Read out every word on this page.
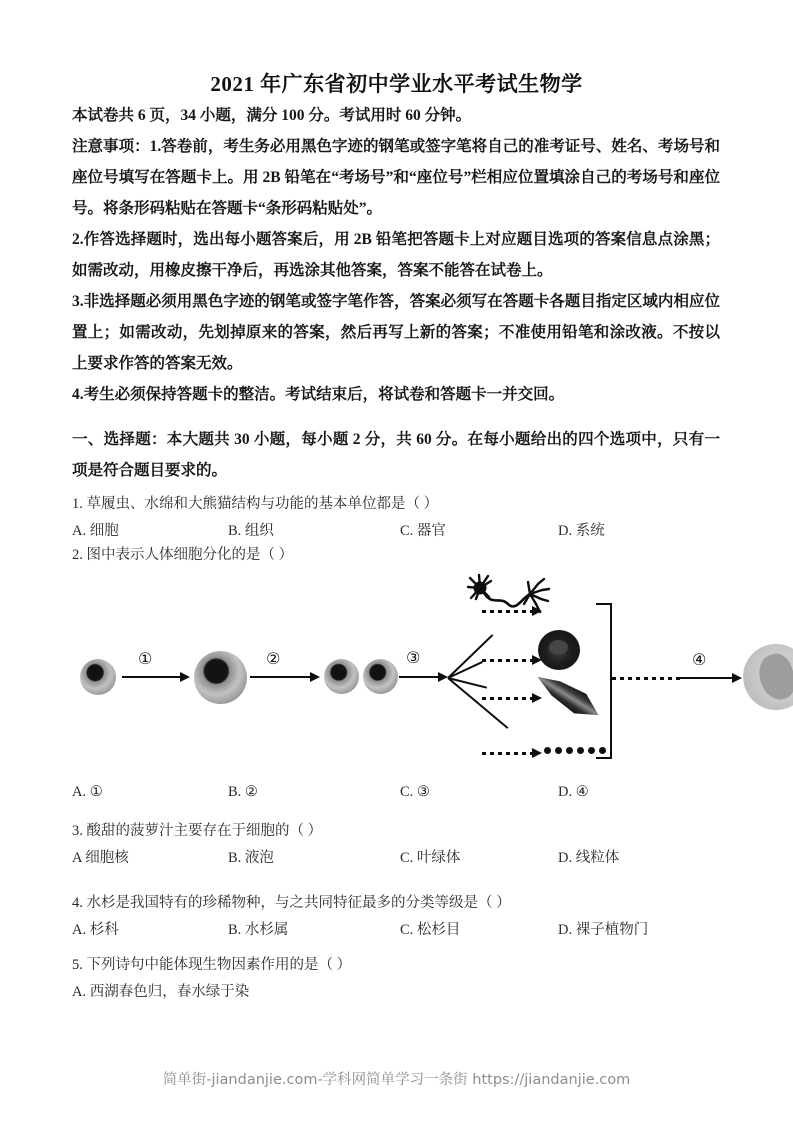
2021 年广东省初中学业水平考试生物学
本试卷共 6 页，34 小题，满分 100 分。考试用时 60 分钟。
注意事项：1.答卷前，考生务必用黑色字迹的钢笔或签字笔将自己的准考证号、姓名、考场号和座位号填写在答题卡上。用 2B 铅笔在“考场号”和“座位号”栏相应位置填涂自己的考场号和座位号。将条形码粘贴在答题卡“条形码粘贴处”。
2.作答选择题时，选出每小题答案后，用 2B 铅笔把答题卡上对应题目选项的答案信息点涂黑；如需改动，用橡皮擦干净后，再选涂其他答案，答案不能答在试卷上。
3.非选择题必须用黑色字迹的钢笔或签字笔作答，答案必须写在答题卡各题目指定区域内相应位置上；如需改动，先划掉原来的答案，然后再写上新的答案；不准使用铅笔和涂改液。不按以上要求作答的答案无效。
4.考生必须保持答题卡的整洁。考试结束后，将试卷和答题卡一并交回。
一、选择题：本大题共 30 小题，每小题 2 分，共 60 分。在每小题给出的四个选项中，只有一项是符合题目要求的。
1. 草履虫、水绵和大熊猫结构与功能的基本单位都是（ ）
A. 细胞	B. 组织	C. 器官	D. 系统
2. 图中表示人体细胞分化的是（ ）
①	②	③	④
A. ①	B. ②	C. ③	D. ④
3. 酸甜的菠萝汁主要存在于细胞的（ ）
A 细胞核	B. 液泡	C. 叶绿体	D. 线粒体
4. 水杉是我国特有的珍稀物种，与之共同特征最多的分类等级是（ ）
A. 杉科	B. 水杉属	C. 松杉目	D. 裸子植物门
5. 下列诗句中能体现生物因素作用的是（ ）
A. 西湖春色归，春水绿于染
简单街-jiandanjie.com-学科网简单学习一条街 https://jiandanjie.com
